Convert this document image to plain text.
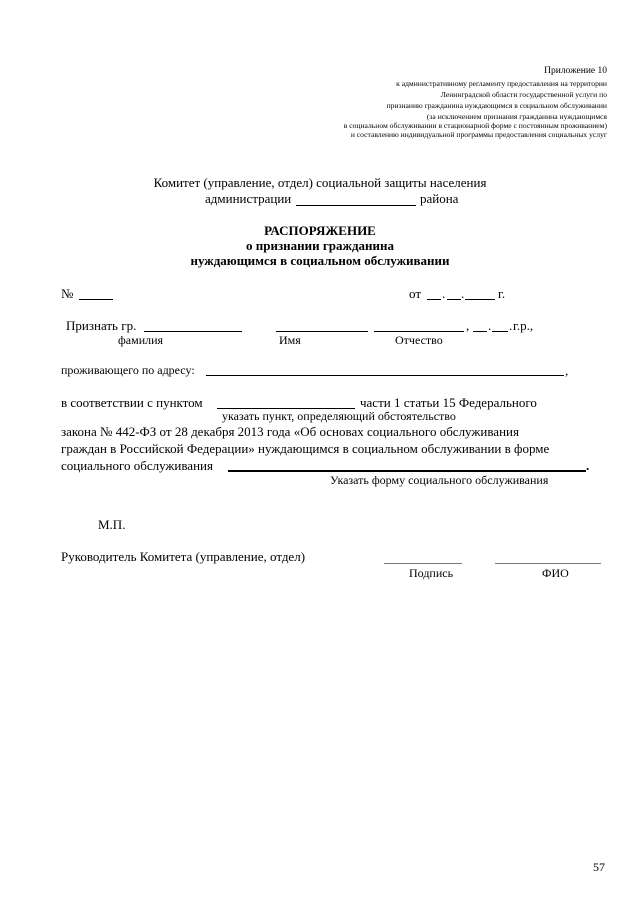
Приложение 10
к административному регламенту предоставления на территории
Ленинградской области государственной услуги по
признанию гражданина нуждающимся в социальном обслуживании
(за исключением признания гражданина нуждающимся
в социальном обслуживании в стационарной форме с постоянным проживанием)
и составлению индивидуальной программы предоставления социальных услуг
Комитет (управление, отдел) социальной защиты населения
администрации	района
РАСПОРЯЖЕНИЕ
о признании гражданина
нуждающимся в социальном обслуживании
№	от . .	г.
Признать гр.	, . . г.р.,
фамилия	Имя	Отчество
проживающего по адресу:	,
в соответствии с пунктом	части 1 статьи 15 Федерального
указать пункт, определяющий обстоятельство
закона № 442-ФЗ от 28 декабря 2013 года «Об основах социального обслуживания
граждан в Российской Федерации» нуждающимся в социальном обслуживании в форме
социального обслуживания	.
Указать форму социального обслуживания
М.П.
Руководитель Комитета (управление, отдел)
Подпись	ФИО
57
